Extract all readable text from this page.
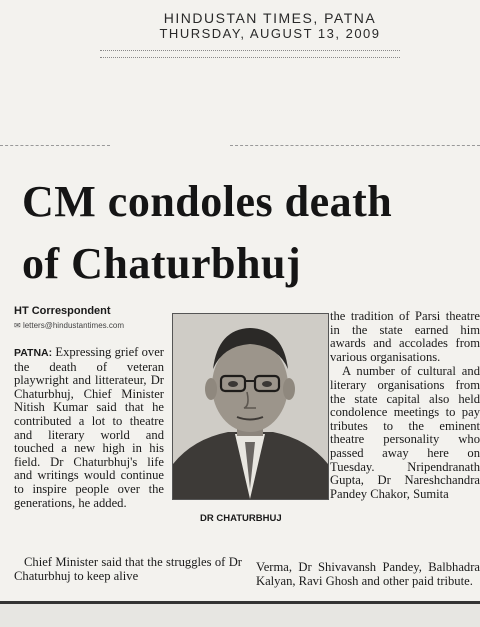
HINDUSTAN TIMES, PATNA
THURSDAY, AUGUST 13, 2009
CM condoles death
of Chaturbhuj
HT Correspondent
✉ letters@hindustantimes.com

PATNA: Expressing grief over the death of veteran playwright and litterateur, Dr Chaturbhuj, Chief Minister Nitish Kumar said that he contributed a lot to theatre and literary world and touched a new high in his field. Dr Chaturbhuj's life and writings would continue to inspire people over the generations, he added.

DR CHATURBHUJ

the tradition of Parsi theatre in the state earned him awards and accolades from various organisations.

A number of cultural and literary organisations from the state capital also held condolence meetings to pay tributes to the eminent theatre personality who passed away here on Tuesday. Nripendranath Gupta, Dr Nareshchandra Pandey Chakor, Sumita

Chief Minister said that the struggles of Dr Chaturbhuj to keep alive
Verma, Dr Shivavansh Pandey, Balbhadra Kalyan, Ravi Ghosh and other paid tribute.
